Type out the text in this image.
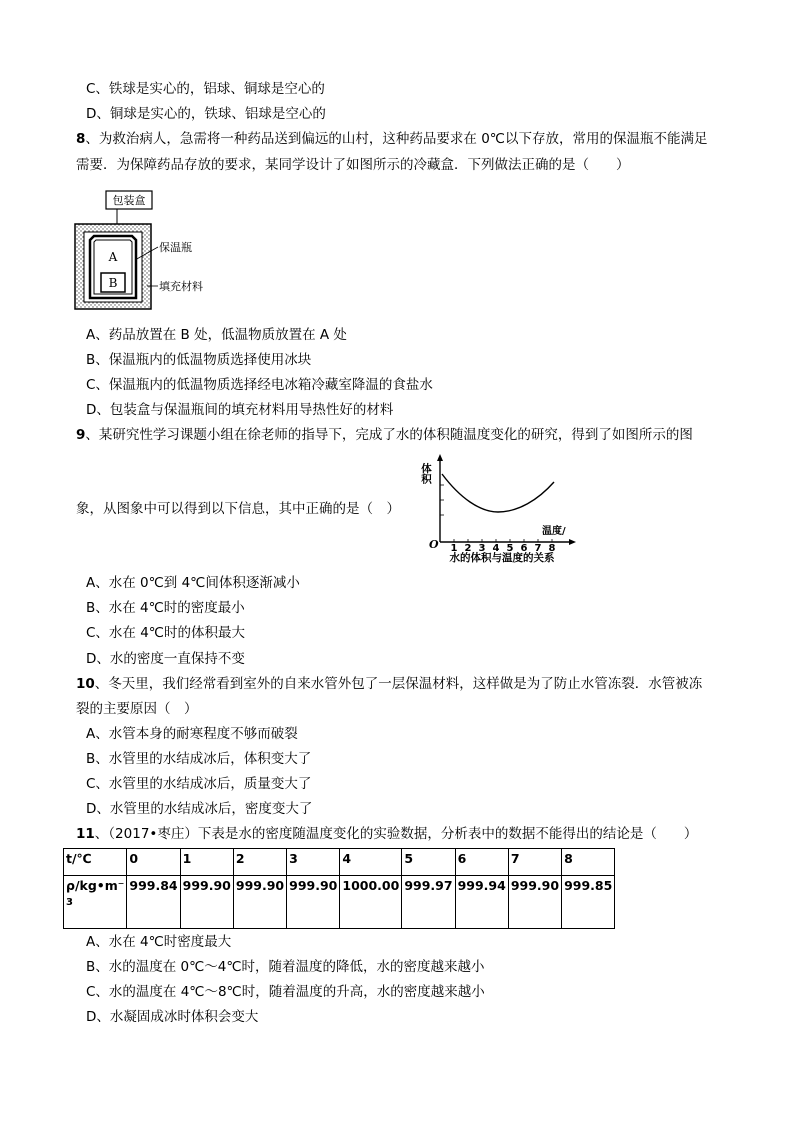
C、铁球是实心的，铝球、铜球是空心的
D、铜球是实心的，铁球、铝球是空心的
8、为救治病人，急需将一种药品送到偏远的山村，这种药品要求在 0℃以下存放，常用的保温瓶不能满足
需要．为保障药品存放的要求，某同学设计了如图所示的冷藏盒．下列做法正确的是（　　）
包装盒
A
B
保温瓶
填充材料
A、药品放置在 B 处，低温物质放置在 A 处
B、保温瓶内的低温物质选择使用冰块
C、保温瓶内的低温物质选择经电冰箱冷藏室降温的食盐水
D、包装盒与保温瓶间的填充材料用导热性好的材料
9、某研究性学习课题小组在徐老师的指导下，完成了水的体积随温度变化的研究，得到了如图所示的图
象，从图象中可以得到以下信息，其中正确的是（　）
体积
温度/
O 1 2 3 4 5 6 7 8
水的体积与温度的关系
A、水在 0℃到 4℃间体积逐渐减小
B、水在 4℃时的密度最小
C、水在 4℃时的体积最大
D、水的密度一直保持不变
10、冬天里，我们经常看到室外的自来水管外包了一层保温材料，这样做是为了防止水管冻裂．水管被冻
裂的主要原因（　）
A、水管本身的耐寒程度不够而破裂
B、水管里的水结成冰后，体积变大了
C、水管里的水结成冰后，质量变大了
D、水管里的水结成冰后，密度变大了
11、（2017•枣庄）下表是水的密度随温度变化的实验数据，分析表中的数据不能得出的结论是（　　）
t/℃	0	1	2	3	4	5	6	7	8
ρ/kg•m⁻
3	999.84	999.90	999.90	999.90	1000.00	999.97	999.94	999.90	999.85
A、水在 4℃时密度最大
B、水的温度在 0℃～4℃时，随着温度的降低，水的密度越来越小
C、水的温度在 4℃～8℃时，随着温度的升高，水的密度越来越小
D、水凝固成冰时体积会变大
